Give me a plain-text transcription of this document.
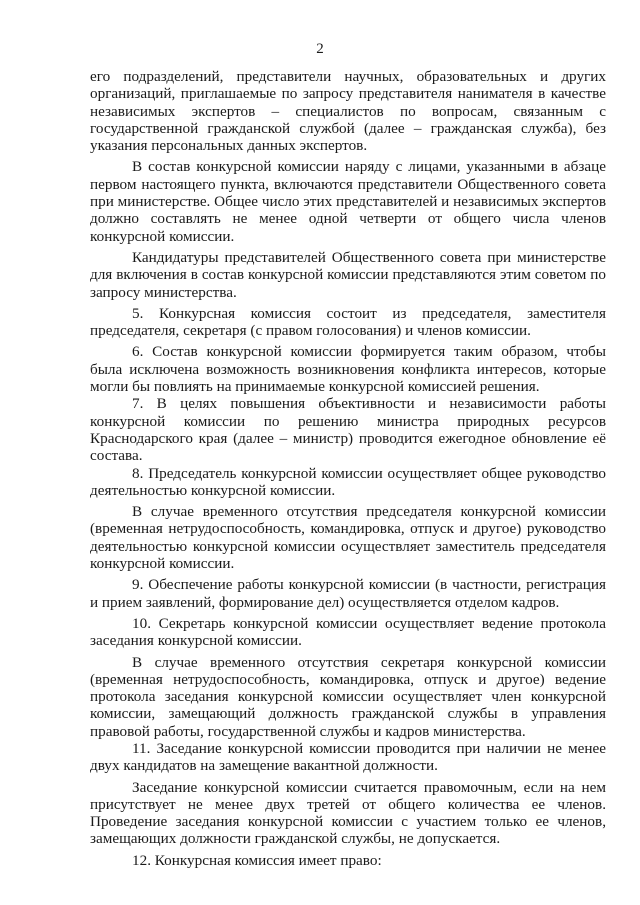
2

его подразделений, представители научных, образовательных и других организаций, приглашаемые по запросу представителя нанимателя в качестве независимых экспертов – специалистов по вопросам, связанным с государственной гражданской службой (далее – гражданская служба), без указания персональных данных экспертов.

В состав конкурсной комиссии наряду с лицами, указанными в абзаце первом настоящего пункта, включаются представители Общественного совета при министерстве. Общее число этих представителей и независимых экспертов должно составлять не менее одной четверти от общего числа членов конкурсной комиссии.

Кандидатуры представителей Общественного совета при министерстве для включения в состав конкурсной комиссии представляются этим советом по запросу министерства.

5. Конкурсная комиссия состоит из председателя, заместителя председателя, секретаря (с правом голосования) и членов комиссии.

6. Состав конкурсной комиссии формируется таким образом, чтобы была исключена возможность возникновения конфликта интересов, которые могли бы повлиять на принимаемые конкурсной комиссией решения.

7. В целях повышения объективности и независимости работы конкурсной комиссии по решению министра природных ресурсов Краснодарского края (далее – министр) проводится ежегодное обновление её состава.

8. Председатель конкурсной комиссии осуществляет общее руководство деятельностью конкурсной комиссии.

В случае временного отсутствия председателя конкурсной комиссии (временная нетрудоспособность, командировка, отпуск и другое) руководство деятельностью конкурсной комиссии осуществляет заместитель председателя конкурсной комиссии.

9. Обеспечение работы конкурсной комиссии (в частности, регистрация и прием заявлений, формирование дел) осуществляется отделом кадров.

10. Секретарь конкурсной комиссии осуществляет ведение протокола заседания конкурсной комиссии.

В случае временного отсутствия секретаря конкурсной комиссии (временная нетрудоспособность, командировка, отпуск и другое) ведение протокола заседания конкурсной комиссии осуществляет член конкурсной комиссии, замещающий должность гражданской службы в управления правовой работы, государственной службы и кадров министерства.

11. Заседание конкурсной комиссии проводится при наличии не менее двух кандидатов на замещение вакантной должности.

Заседание конкурсной комиссии считается правомочным, если на нем присутствует не менее двух третей от общего количества ее членов. Проведение заседания конкурсной комиссии с участием только ее членов, замещающих должности гражданской службы, не допускается.

12. Конкурсная комиссия имеет право:
